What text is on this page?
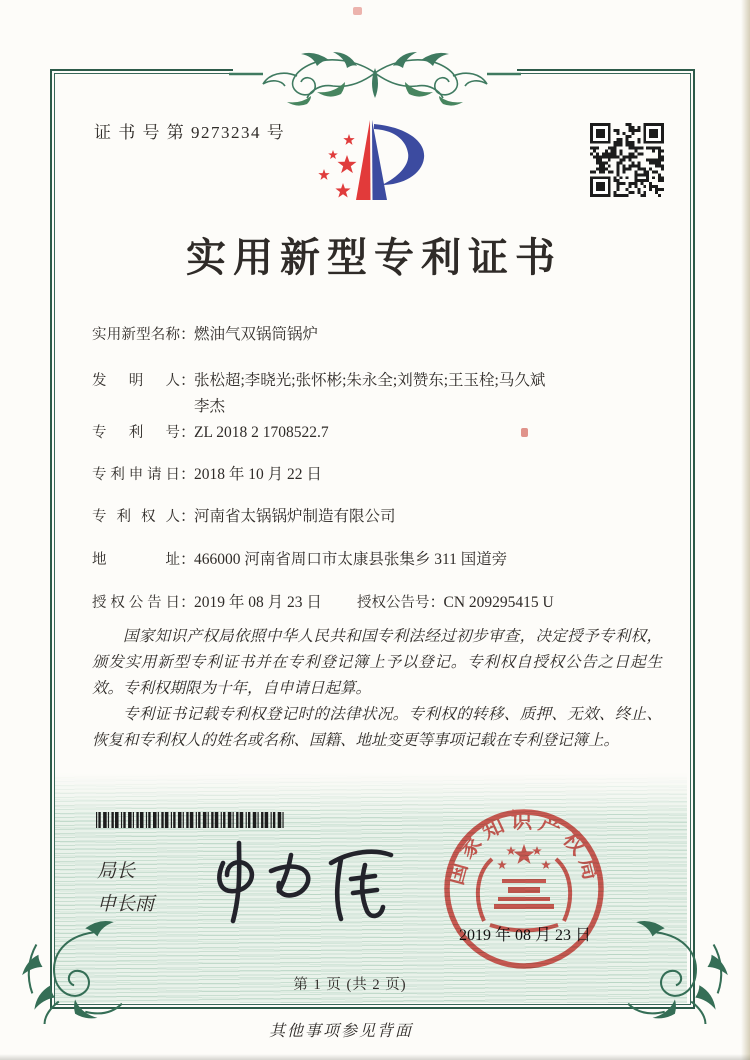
证 书 号 第 9273234 号
实用新型专利证书
实用新型名称：燃油气双锅筒锅炉
发明人：张松超;李晓光;张怀彬;朱永全;刘赞东;王玉栓;马久斌
李杰
专利号：ZL 2018 2 1708522.7
专利申请日：2018 年 10 月 22 日
专利权人：河南省太锅锅炉制造有限公司
地址：466000 河南省周口市太康县张集乡 311 国道旁
授权公告日：2019 年 08 月 23 日 授权公告号：CN 209295415 U

国家知识产权局依照中华人民共和国专利法经过初步审查，决定授予专利权，颁发实用新型专利证书并在专利登记簿上予以登记。专利权自授权公告之日起生效。专利权期限为十年，自申请日起算。

专利证书记载专利权登记时的法律状况。专利权的转移、质押、无效、终止、恢复和专利权人的姓名或名称、国籍、地址变更等事项记载在专利登记簿上。

局长
申长雨
国家知识产权局
2019 年 08 月 23 日
第 1 页 (共 2 页)
其他事项参见背面
